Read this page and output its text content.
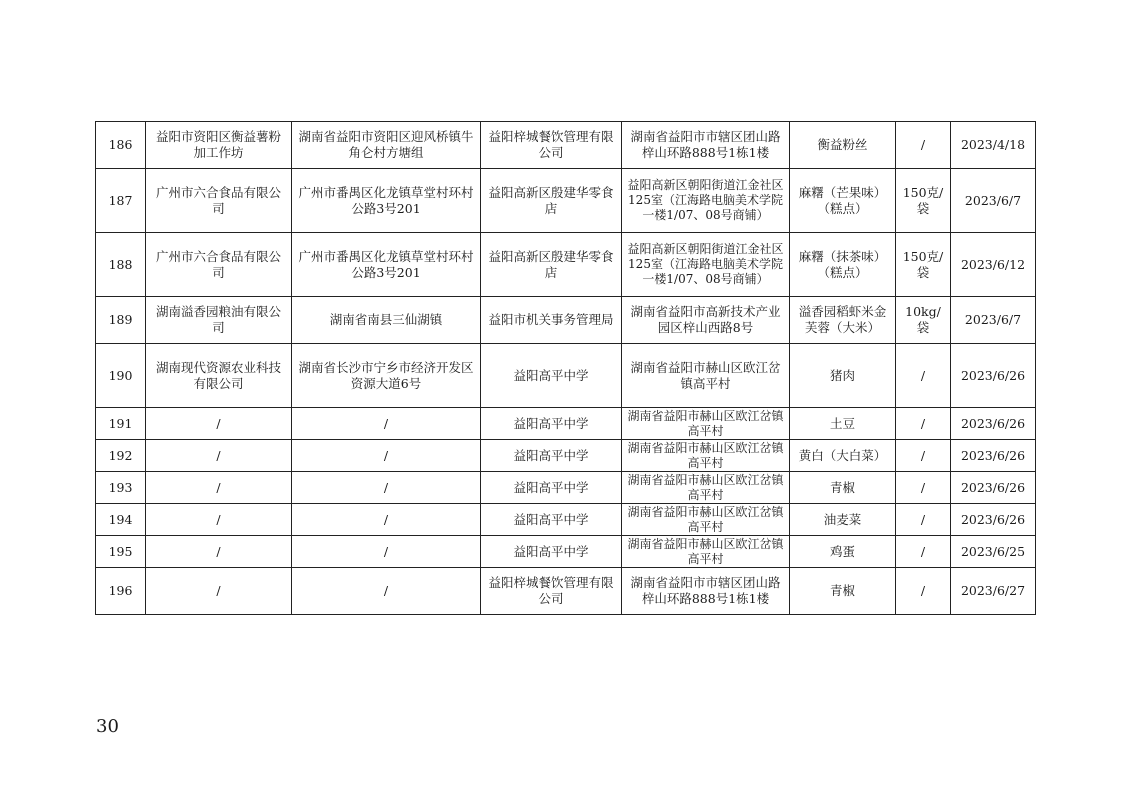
186	益阳市资阳区衡益薯粉加工作坊	湖南省益阳市资阳区迎风桥镇牛角仑村方塘组	益阳梓城餐饮管理有限公司	湖南省益阳市市辖区团山路梓山环路888号1栋1楼	衡益粉丝	/	2023/4/18
187	广州市六合食品有限公司	广州市番禺区化龙镇草堂村环村公路3号201	益阳高新区殷建华零食店	益阳高新区朝阳街道江金社区125室（江海路电脑美术学院一楼1/07、08号商铺）	麻糬（芒果味）（糕点）	150克/袋	2023/6/7
188	广州市六合食品有限公司	广州市番禺区化龙镇草堂村环村公路3号201	益阳高新区殷建华零食店	益阳高新区朝阳街道江金社区125室（江海路电脑美术学院一楼1/07、08号商铺）	麻糬（抹茶味）（糕点）	150克/袋	2023/6/12
189	湖南溢香园粮油有限公司	湖南省南县三仙湖镇	益阳市机关事务管理局	湖南省益阳市高新技术产业园区梓山西路8号	溢香园稻虾米金芙蓉（大米）	10kg/袋	2023/6/7
190	湖南现代资源农业科技有限公司	湖南省长沙市宁乡市经济开发区资源大道6号	益阳高平中学	湖南省益阳市赫山区欧江岔镇高平村	猪肉	/	2023/6/26
191	/	/	益阳高平中学	湖南省益阳市赫山区欧江岔镇高平村	土豆	/	2023/6/26
192	/	/	益阳高平中学	湖南省益阳市赫山区欧江岔镇高平村	黄白（大白菜）	/	2023/6/26
193	/	/	益阳高平中学	湖南省益阳市赫山区欧江岔镇高平村	青椒	/	2023/6/26
194	/	/	益阳高平中学	湖南省益阳市赫山区欧江岔镇高平村	油麦菜	/	2023/6/26
195	/	/	益阳高平中学	湖南省益阳市赫山区欧江岔镇高平村	鸡蛋	/	2023/6/25
196	/	/	益阳梓城餐饮管理有限公司	湖南省益阳市市辖区团山路梓山环路888号1栋1楼	青椒	/	2023/6/27
30
